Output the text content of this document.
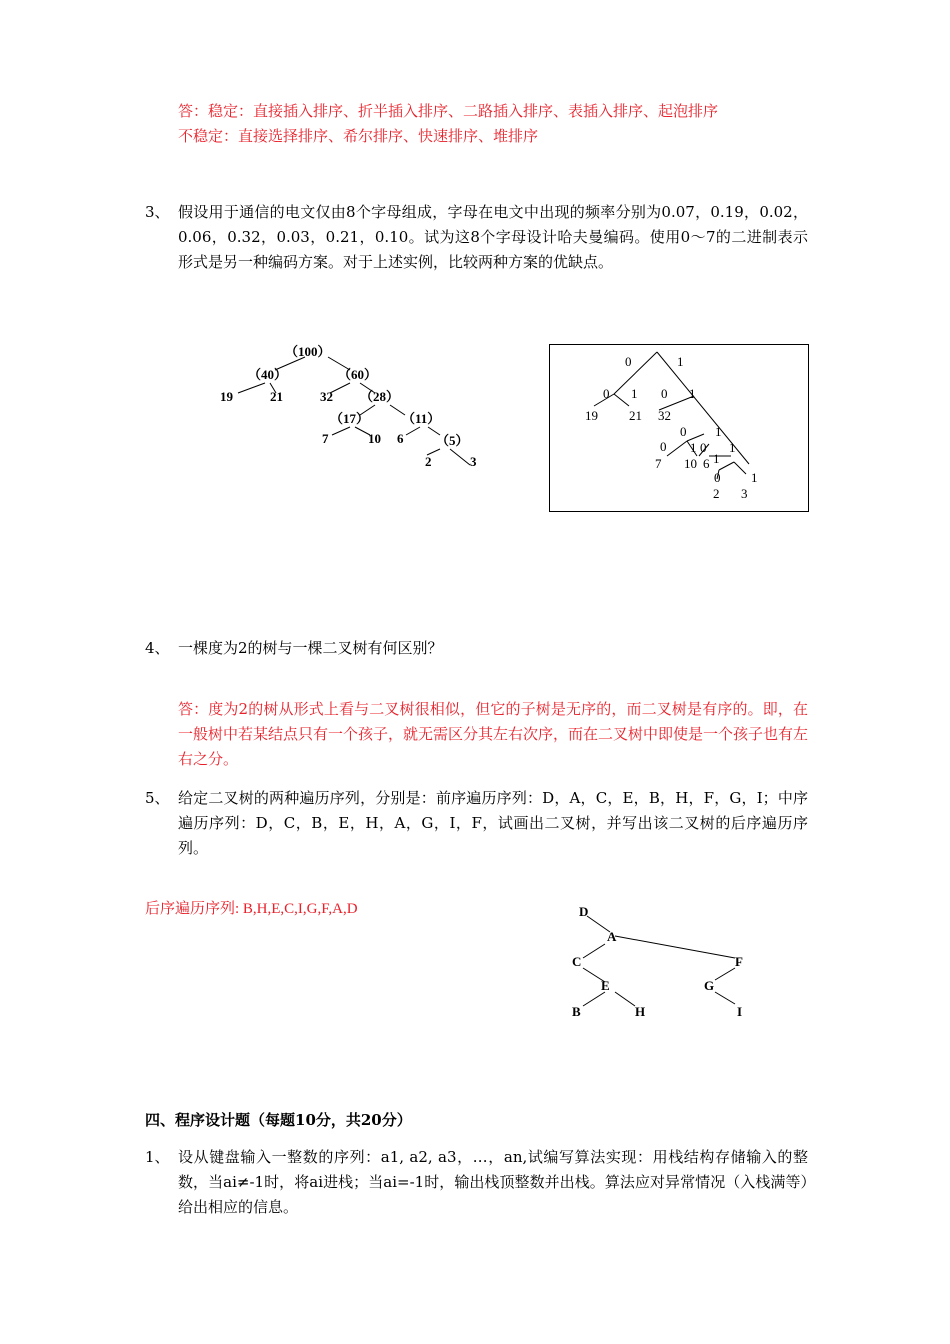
答：稳定：直接插入排序、折半插入排序、二路插入排序、表插入排序、起泡排序
不稳定：直接选择排序、希尔排序、快速排序、堆排序
3、 假设用于通信的电文仅由8个字母组成，字母在电文中出现的频率分别为0.07，0.19，0.02，0.06，0.32，0.03，0.21，0.10。试为这8个字母设计哈夫曼编码。使用0～7的二进制表示形式是另一种编码方案。对于上述实例，比较两种方案的优缺点。
（100）
（40）	（60）
（28）
（17）	（11）
（5）
19	21	32
7	10 6
2	3
0	1
0 1 0 1
0 1
1
0	1
0
1
0 1
19 21 32
7 10 6
2 3
4、 一棵度为2的树与一棵二叉树有何区别？
答：度为2的树从形式上看与二叉树很相似，但它的子树是无序的，而二叉树是有序的。即，在一般树中若某结点只有一个孩子，就无需区分其左右次序，而在二叉树中即使是一个孩子也有左右之分。
5、 给定二叉树的两种遍历序列，分别是：前序遍历序列：D，A，C，E，B，H，F，G，I；中序遍历序列：D，C，B，E，H，A，G，I，F，试画出二叉树，并写出该二叉树的后序遍历序列。
后序遍历序列: B,H,E,C,I,G,F,A,D	D
A
C	F
E	G
B	H	I
四、程序设计题（每题10分，共20分）
1、 设从键盘输入一整数的序列：a1, a2, a3，…，an,试编写算法实现：用栈结构存储输入的整数，当ai≠-1时，将ai进栈；当ai=-1时，输出栈顶整数并出栈。算法应对异常情况（入栈满等）给出相应的信息。
